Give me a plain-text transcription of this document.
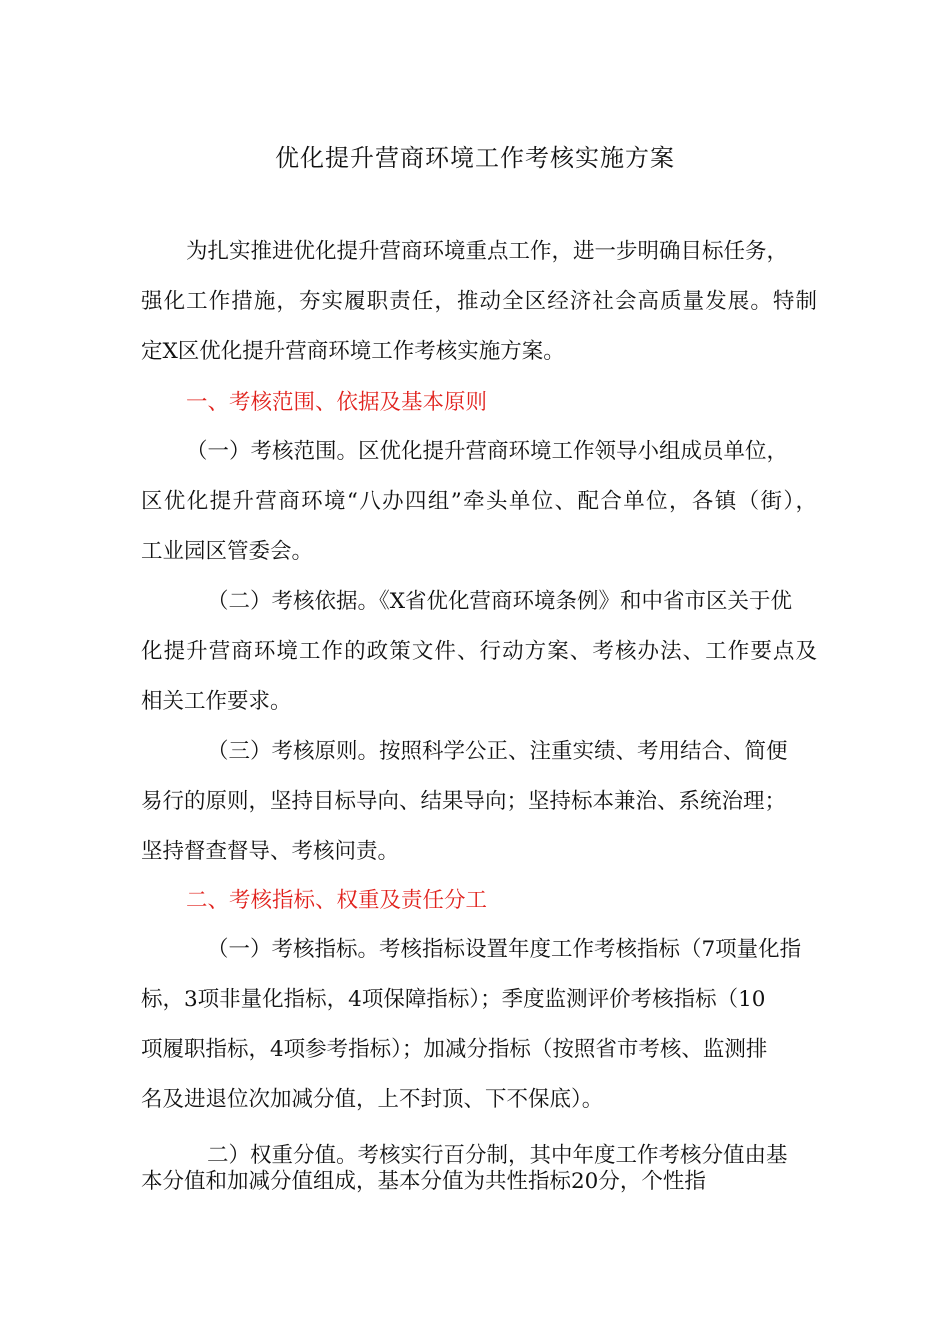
优化提升营商环境工作考核实施方案
为扎实推进优化提升营商环境重点工作，进一步明确目标任务，
强化工作措施，夯实履职责任，推动全区经济社会高质量发展。特制
定X区优化提升营商环境工作考核实施方案。
一、考核范围、依据及基本原则
（一）考核范围。区优化提升营商环境工作领导小组成员单位，
区优化提升营商环境“八办四组”牵头单位、配合单位，各镇（街），
工业园区管委会。
（二）考核依据。《X省优化营商环境条例》和中省市区关于优
化提升营商环境工作的政策文件、行动方案、考核办法、工作要点及
相关工作要求。
（三）考核原则。按照科学公正、注重实绩、考用结合、简便
易行的原则，坚持目标导向、结果导向；坚持标本兼治、系统治理；
坚持督查督导、考核问责。
二、考核指标、权重及责任分工
（一）考核指标。考核指标设置年度工作考核指标（7项量化指
标，3项非量化指标，4项保障指标）；季度监测评价考核指标（10
项履职指标，4项参考指标）；加减分指标（按照省市考核、监测排
名及进退位次加减分值，上不封顶、下不保底）。
二）权重分值。考核实行百分制，其中年度工作考核分值由基
本分值和加减分值组成，基本分值为共性指标20分，个性指
